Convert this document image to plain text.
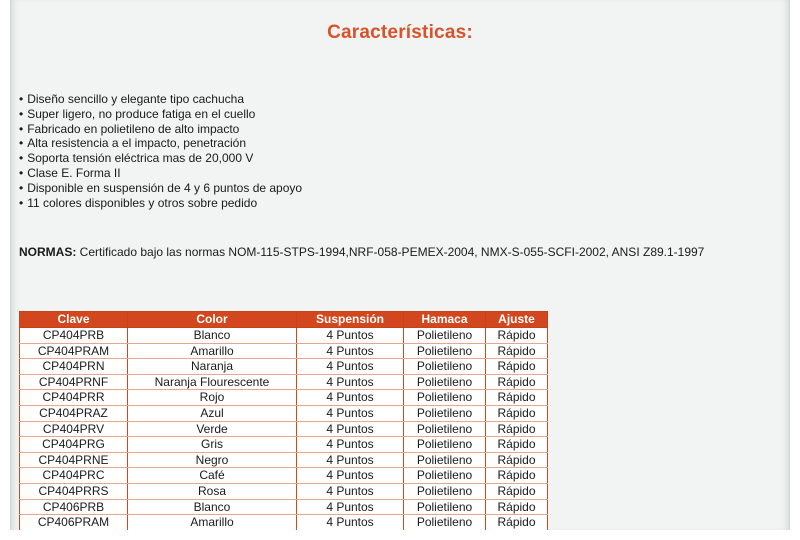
Características:
• Diseño sencillo y elegante tipo cachucha
• Super ligero, no produce fatiga en el cuello
• Fabricado en polietileno de alto impacto
• Alta resistencia a el impacto, penetración
• Soporta tensión eléctrica mas de 20,000 V
• Clase E. Forma II
• Disponible en suspensión de 4 y 6 puntos de apoyo
• 11 colores disponibles y otros sobre pedido
NORMAS: Certificado bajo las normas NOM-115-STPS-1994,NRF-058-PEMEX-2004, NMX-S-055-SCFI-2002, ANSI Z89.1-1997
Clave	Color	Suspensión	Hamaca	Ajuste
CP404PRB	Blanco	4 Puntos	Polietileno	Rápido
CP404PRAM	Amarillo	4 Puntos	Polietileno	Rápido
CP404PRN	Naranja	4 Puntos	Polietileno	Rápido
CP404PRNF	Naranja Flourescente	4 Puntos	Polietileno	Rápido
CP404PRR	Rojo	4 Puntos	Polietileno	Rápido
CP404PRAZ	Azul	4 Puntos	Polietileno	Rápido
CP404PRV	Verde	4 Puntos	Polietileno	Rápido
CP404PRG	Gris	4 Puntos	Polietileno	Rápido
CP404PRNE	Negro	4 Puntos	Polietileno	Rápido
CP404PRC	Café	4 Puntos	Polietileno	Rápido
CP404PRRS	Rosa	4 Puntos	Polietileno	Rápido
CP406PRB	Blanco	4 Puntos	Polietileno	Rápido
CP406PRAM	Amarillo	4 Puntos	Polietileno	Rápido
